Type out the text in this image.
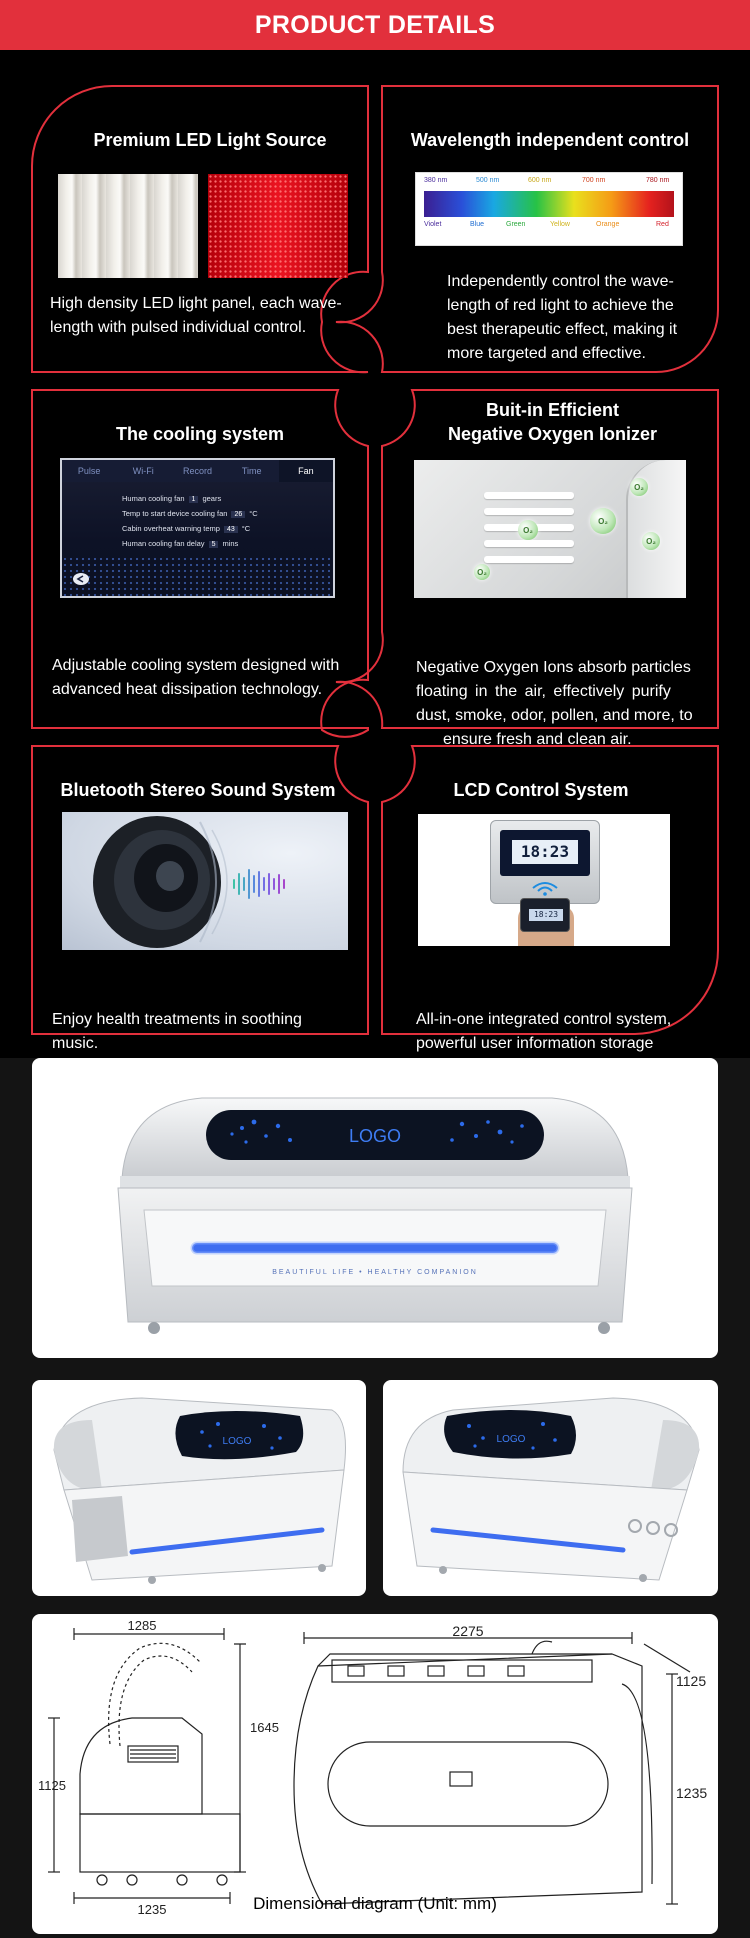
PRODUCT DETAILS
Premium LED Light Source
High density LED light panel, each wave-
length with pulsed individual control.
Wavelength independent control
380 nm	500 nm	600 nm	700 nm	780 nm
Violet	Blue	Green	Yellow	Orange	Red
Independently control the wave-
length of red light to achieve the
best therapeutic effect, making it
more targeted and effective.
The cooling system
Pulse	Wi-Fi	Record	Time	Fan
Human cooling fan 1 gears
Temp to start device cooling fan 26 °C
Cabin overheat warning temp 43 °C
Human cooling fan delay 5 mins
Adjustable cooling system designed with
advanced heat dissipation technology.
Buit-in Efficient
Negative Oxygen Ionizer
O₂
O₂
O₂
O₂
O₂
Negative Oxygen Ions absorb particles
floating in the air, effectively purify
dust, smoke, odor, pollen, and more, to
ensure fresh and clean air.
Bluetooth Stereo Sound System
Enjoy health treatments in soothing
music.
LCD Control System
18:23
18:23
All-in-one integrated control system,
powerful user information storage
LOGO
BEAUTIFUL LIFE • HEALTHY COMPANION
LOGO	LOGO
1285
1645
1125
1235
2275
1125
1235
Dimensional diagram (Unit: mm)
